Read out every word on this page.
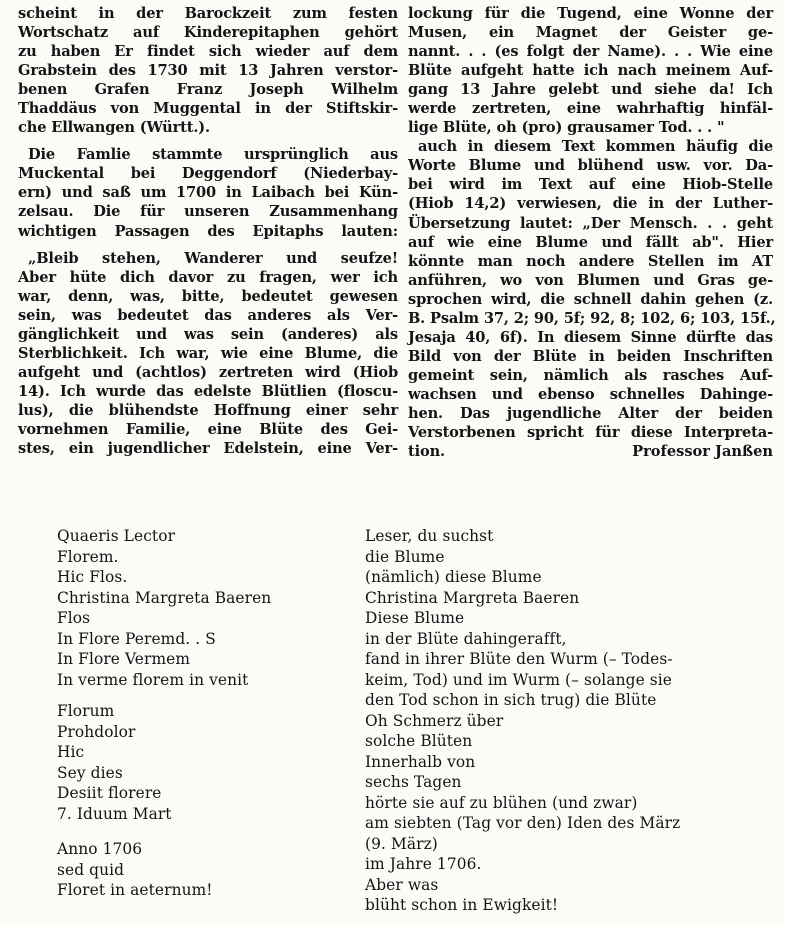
scheint in der Barockzeit zum festen
Wortschatz auf Kinderepitaphen gehört
zu haben Er findet sich wieder auf dem
Grabstein des 1730 mit 13 Jahren verstor-
benen Grafen Franz Joseph Wilhelm
Thaddäus von Muggental in der Stiftskir-
che Ellwangen (Württ.).
Die Famlie stammte ursprünglich aus
Muckental bei Deggendorf (Niederbay-
ern) und saß um 1700 in Laibach bei Kün-
zelsau. Die für unseren Zusammenhang
wichtigen Passagen des Epitaphs lauten:
„Bleib stehen, Wanderer und seufze!
Aber hüte dich davor zu fragen, wer ich
war, denn, was, bitte, bedeutet gewesen
sein, was bedeutet das anderes als Ver-
gänglichkeit und was sein (anderes) als
Sterblichkeit. Ich war, wie eine Blume, die
aufgeht und (achtlos) zertreten wird (Hiob
14). Ich wurde das edelste Blütlien (floscu-
lus), die blühendste Hoffnung einer sehr
vornehmen Familie, eine Blüte des Gei-
stes, ein jugendlicher Edelstein, eine Ver-
lockung für die Tugend, eine Wonne der
Musen, ein Magnet der Geister ge-
nannt. . . (es folgt der Name). . . Wie eine
Blüte aufgeht hatte ich nach meinem Auf-
gang 13 Jahre gelebt und siehe da! Ich
werde zertreten, eine wahrhaftig hinfäl-
lige Blüte, oh (pro) grausamer Tod. . . "
auch in diesem Text kommen häufig die
Worte Blume und blühend usw. vor. Da-
bei wird im Text auf eine Hiob-Stelle
(Hiob 14,2) verwiesen, die in der Luther-
Übersetzung lautet: „Der Mensch. . . geht
auf wie eine Blume und fällt ab". Hier
könnte man noch andere Stellen im AT
anführen, wo von Blumen und Gras ge-
sprochen wird, die schnell dahin gehen (z.
B. Psalm 37, 2; 90, 5f; 92, 8; 102, 6; 103, 15f.,
Jesaja 40, 6f). In diesem Sinne dürfte das
Bild von der Blüte in beiden Inschriften
gemeint sein, nämlich als rasches Auf-
wachsen und ebenso schnelles Dahinge-
hen. Das jugendliche Alter der beiden
Verstorbenen spricht für diese Interpreta-
tion.	Professor Janßen
Quaeris Lector
Florem.
Hic Flos.
Christina Margreta Baeren
Flos
In Flore Peremd. . S
In Flore Vermem
In verme florem in venit
Florum
Prohdolor
Hic
Sey dies
Desiit florere
7. Iduum Mart
Anno 1706
sed quid
Floret in aeternum!
Leser, du suchst
die Blume
(nämlich) diese Blume
Christina Margreta Baeren
Diese Blume
in der Blüte dahingerafft,
fand in ihrer Blüte den Wurm (– Todes-
keim, Tod) und im Wurm (– solange sie
den Tod schon in sich trug) die Blüte
Oh Schmerz über
solche Blüten
Innerhalb von
sechs Tagen
hörte sie auf zu blühen (und zwar)
am siebten (Tag vor den) Iden des März
(9. März)
im Jahre 1706.
Aber was
blüht schon in Ewigkeit!
